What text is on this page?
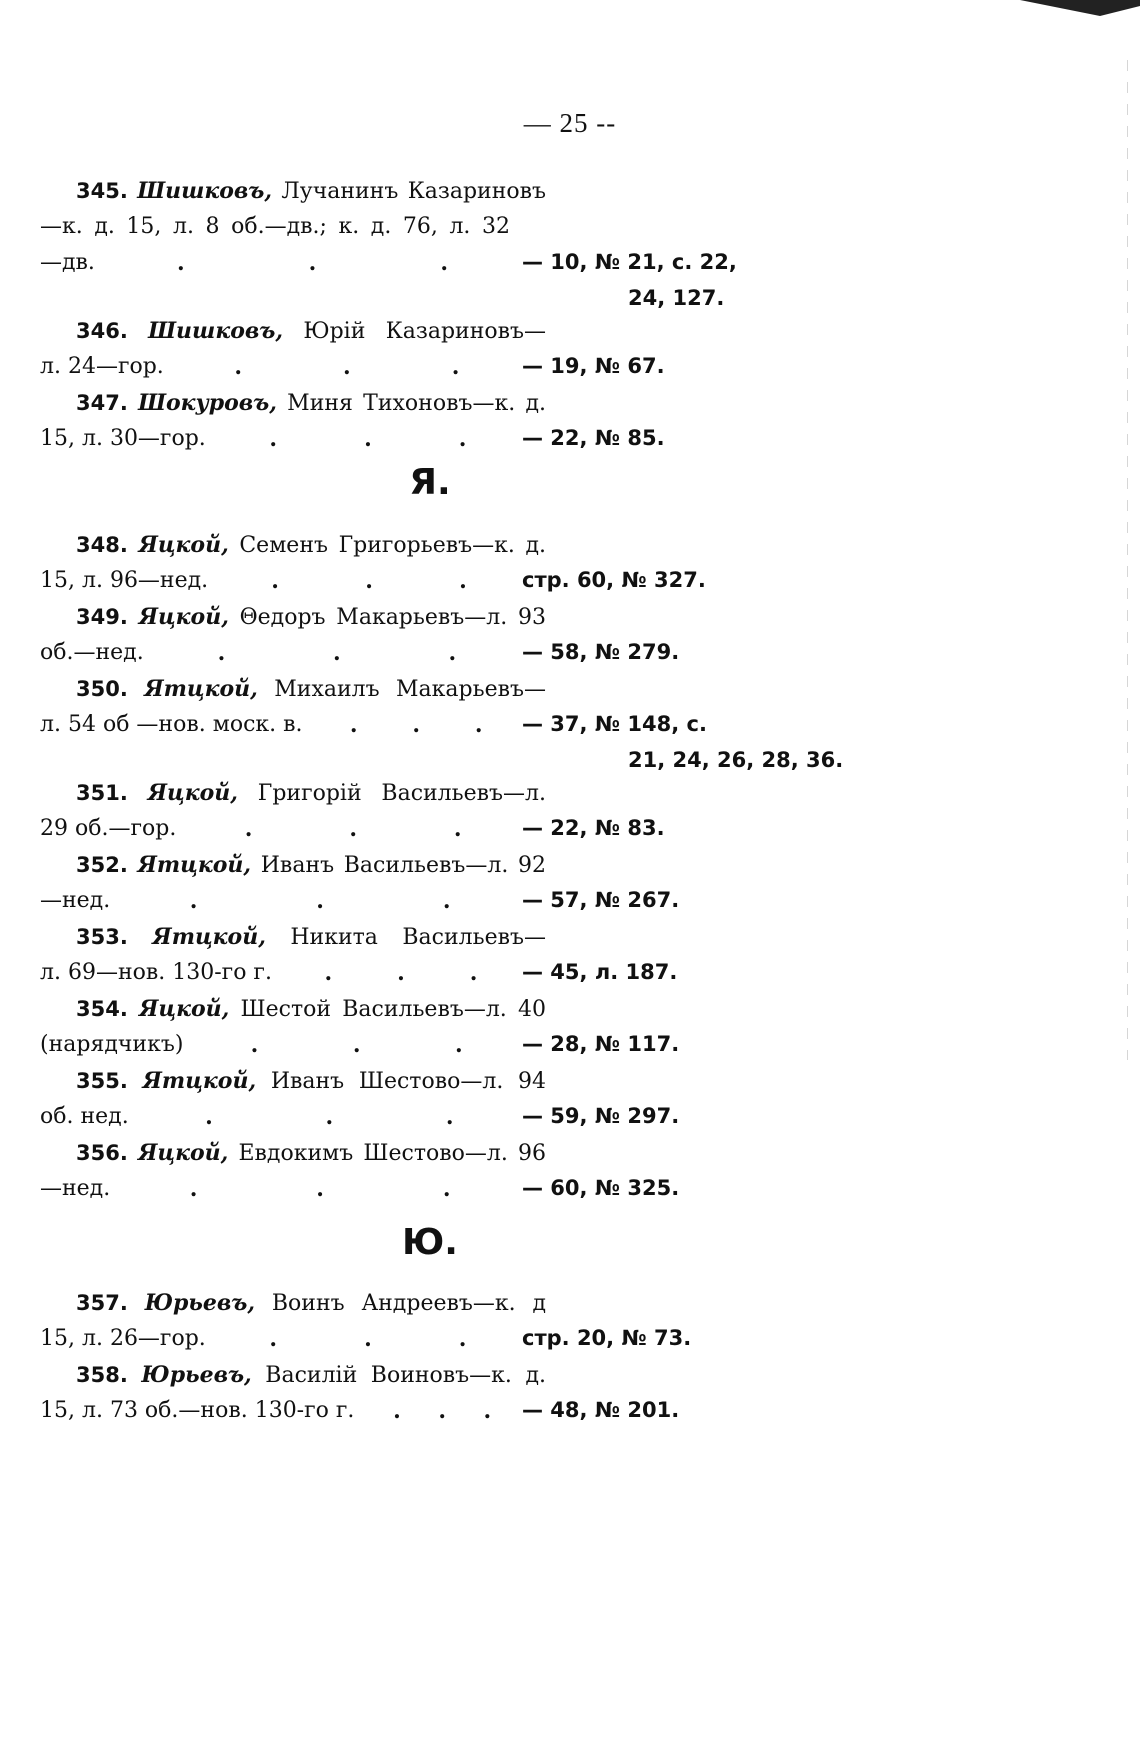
— 25 --
345. Шишковъ, Лучанинъ Казариновъ
—к. д. 15, л. 8 об.—дв.; к. д. 76, л. 32
—дв.	.	.	.	— 10, № 21, с. 22,
24, 127.
346. Шишковъ, Юрій Казариновъ—
л. 24—гор.	.	.	.	— 19, № 67.
347. Шокуровъ, Миня Тихоновъ—к. д.
15, л. 30—гор.	.	.	.	— 22, № 85.
Я.
348. Яцкой, Семенъ Григорьевъ—к. д.
15, л. 96—нед.	.	.	.	стр. 60, № 327.
349. Яцкой, Θедоръ Макарьевъ—л. 93
об.—нед.	.	.	.	— 58, № 279.
350. Ятцкой, Михаилъ Макарьевъ—
л. 54 об —нов. моск. в. . . .	— 37, № 148, с.
21, 24, 26, 28, 36.
351. Яцкой, Григорій Васильевъ—л.
29 об.—гор.	.	.	.	— 22, № 83.
352. Ятцкой, Иванъ Васильевъ—л. 92
—нед.	.	.	.	— 57, № 267.
353. Ятцкой, Никита Васильевъ—
л. 69—нов. 130-го г. .	.	.	— 45, л. 187.
354. Яцкой, Шестой Васильевъ—л. 40
(нарядчикъ)	.	.	.	— 28, № 117.
355. Ятцкой, Иванъ Шестово—л. 94
об. нед.	.	.	.	— 59, № 297.
356. Яцкой, Евдокимъ Шестово—л. 96
—нед.	.	.	.	— 60, № 325.
Ю.
357. Юрьевъ, Воинъ Андреевъ—к. д
15, л. 26—гор.	.	.	.	стр. 20, № 73.
358. Юрьевъ, Василій Воиновъ—к. д.
15, л. 73 об.—нов. 130-го г. . . .	— 48, № 201.
